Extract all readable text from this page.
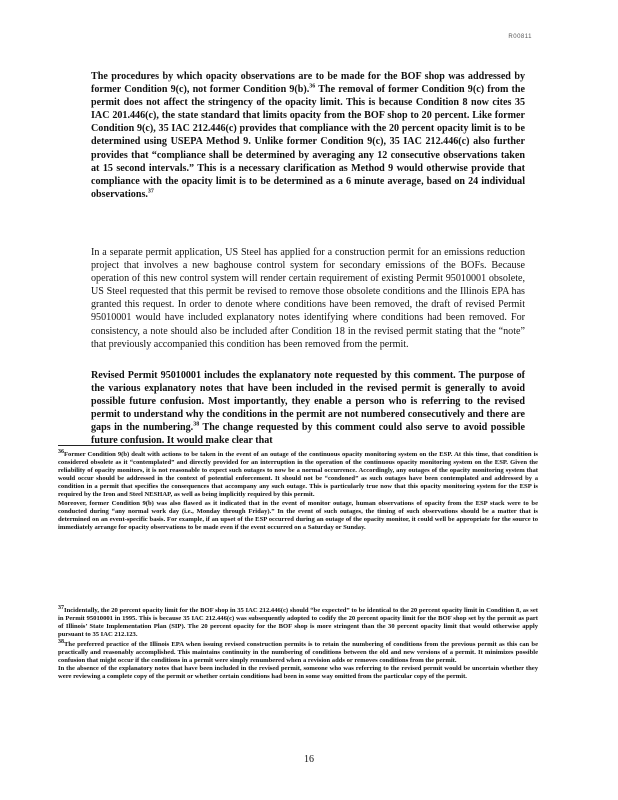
R00811
The procedures by which opacity observations are to be made for the BOF shop was addressed by former Condition 9(c), not former Condition 9(b).$^{36}$ The removal of former Condition 9(c) from the permit does not affect the stringency of the opacity limit. This is because Condition 8 now cites 35 IAC 201.446(c), the state standard that limits opacity from the BOF shop to 20 percent. Like former Condition 9(c), 35 IAC 212.446(c) provides that compliance with the 20 percent opacity limit is to be determined using USEPA Method 9. Unlike former Condition 9(c), 35 IAC 212.446(c) also further provides that “compliance shall be determined by averaging any 12 consecutive observations taken at 15 second intervals.” This is a necessary clarification as Method 9 would otherwise provide that compliance with the opacity limit is to be determined as a 6 minute average, based on 24 individual observations.$^{37}$
In a separate permit application, US Steel has applied for a construction permit for an emissions reduction project that involves a new baghouse control system for secondary emissions of the BOFs. Because operation of this new control system will render certain requirement of existing Permit 95010001 obsolete, US Steel requested that this permit be revised to remove those obsolete conditions and the Illinois EPA has granted this request. In order to denote where conditions have been removed, the draft of revised Permit 95010001 would have included explanatory notes identifying where conditions had been removed. For consistency, a note should also be included after Condition 18 in the revised permit stating that the “note” that previously accompanied this condition has been removed from the permit.
Revised Permit 95010001 includes the explanatory note requested by this comment. The purpose of the various explanatory notes that have been included in the revised permit is generally to avoid possible future confusion. Most importantly, they enable a person who is referring to the revised permit to understand why the conditions in the permit are not numbered consecutively and there are gaps in the numbering.$^{38}$ The change requested by this comment could also serve to avoid possible future confusion. It would make clear that
$^{36}$Former Condition 9(b) dealt with actions to be taken in the event of an outage of the continuous opacity monitoring system on the ESP. At this time, that condition is considered obsolete as it “contemplated” and directly provided for an interruption in the operation of the continuous opacity monitoring system on the ESP. Given the reliability of opacity monitors, it is not reasonable to expect such outages to now be a normal occurrence. Accordingly, any outages of the opacity monitoring system that would occur should be addressed in the context of potential enforcement. It should not be “condoned” as such outages have been contemplated and addressed by a condition in a permit that specifies the consequences that accompany any such outage. This is particularly true now that this opacity monitoring system for the ESP is required by the Iron and Steel NESHAP, as well as being implicitly required by this permit.
Moreover, former Condition 9(b) was also flawed as it indicated that in the event of monitor outage, human observations of opacity from the ESP stack were to be conducted during “any normal work day (i.e., Monday through Friday).” In the event of such outages, the timing of such observations should be a matter that is determined on an event-specific basis. For example, if an upset of the ESP occurred during an outage of the opacity monitor, it could well be appropriate for the source to immediately arrange for opacity observations to be made even if the event occurred on a Saturday or Sunday.
$^{37}$Incidentally, the 20 percent opacity limit for the BOF shop in 35 IAC 212.446(c) should “be expected” to be identical to the 20 percent opacity limit in Condition 8, as set in Permit 95010001 in 1995. This is because 35 IAC 212.446(c) was subsequently adopted to codify the 20 percent opacity limit for the BOF shop set by the permit as part of Illinois’ State Implementation Plan (SIP). The 20 percent opacity for the BOF shop is more stringent than the 30 percent opacity limit that would otherwise apply pursuant to 35 IAC 212.123.
$^{38}$The preferred practice of the Illinois EPA when issuing revised construction permits is to retain the numbering of conditions from the previous permit as this can be practically and reasonably accomplished. This maintains continuity in the numbering of conditions between the old and new versions of a permit. It minimizes possible confusion that might occur if the conditions in a permit were simply renumbered when a revision adds or removes conditions from the permit.
In the absence of the explanatory notes that have been included in the revised permit, someone who was referring to the revised permit would be uncertain whether they were reviewing a complete copy of the permit or whether certain conditions had been in some way omitted from the particular copy of the permit.
16
